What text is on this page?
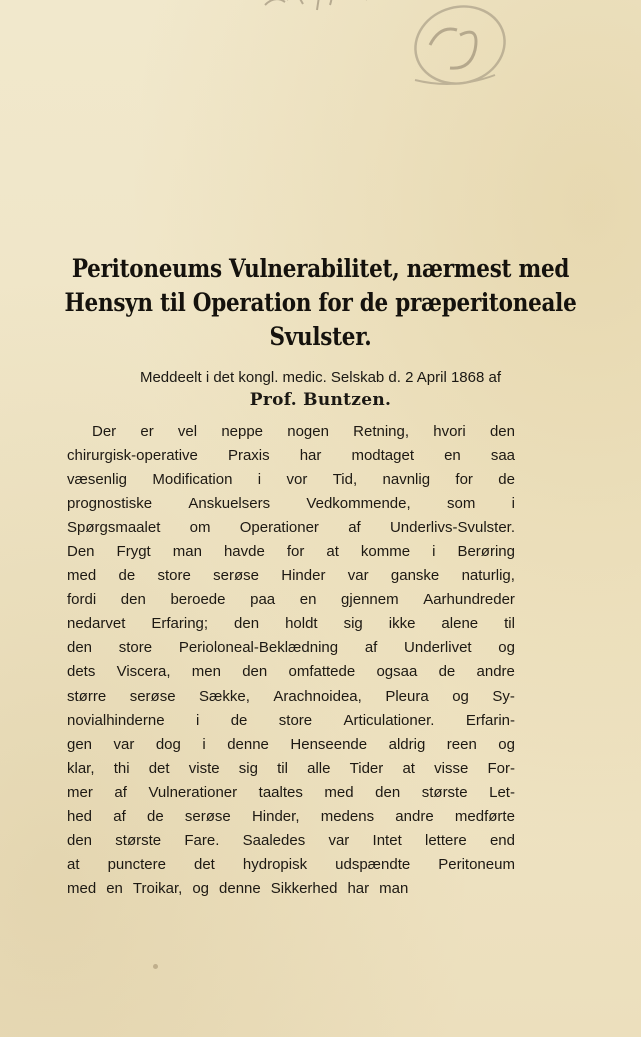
Peritoneums Vulnerabilitet, nærmest med
Hensyn til Operation for de præperitoneale
Svulster.
Meddeelt i det kongl. medic. Selskab d. 2 April 1868 af
Prof. Buntzen.
Der er vel neppe nogen Retning, hvori den
chirurgisk-operative Praxis har modtaget en saa
væsenlig Modification i vor Tid, navnlig for de
prognostiske Anskuelsers Vedkommende, som i
Spørgsmaalet om Operationer af Underlivs-Svulster.
Den Frygt man havde for at komme i Berøring
med de store serøse Hinder var ganske naturlig,
fordi den beroede paa en gjennem Aarhundreder
nedarvet Erfaring; den holdt sig ikke alene til
den store Perioloneal-Beklædning af Underlivet og
dets Viscera, men den omfattede ogsaa de andre
større serøse Sække, Arachnoidea, Pleura og Sy-
novialhinderne i de store Articulationer. Erfarin-
gen var dog i denne Henseende aldrig reen og
klar, thi det viste sig til alle Tider at visse For-
mer af Vulnerationer taaltes med den største Let-
hed af de serøse Hinder, medens andre medførte
den største Fare. Saaledes var Intet lettere end
at punctere det hydropisk udspændte Peritoneum
med en Troikar, og denne Sikkerhed har man
